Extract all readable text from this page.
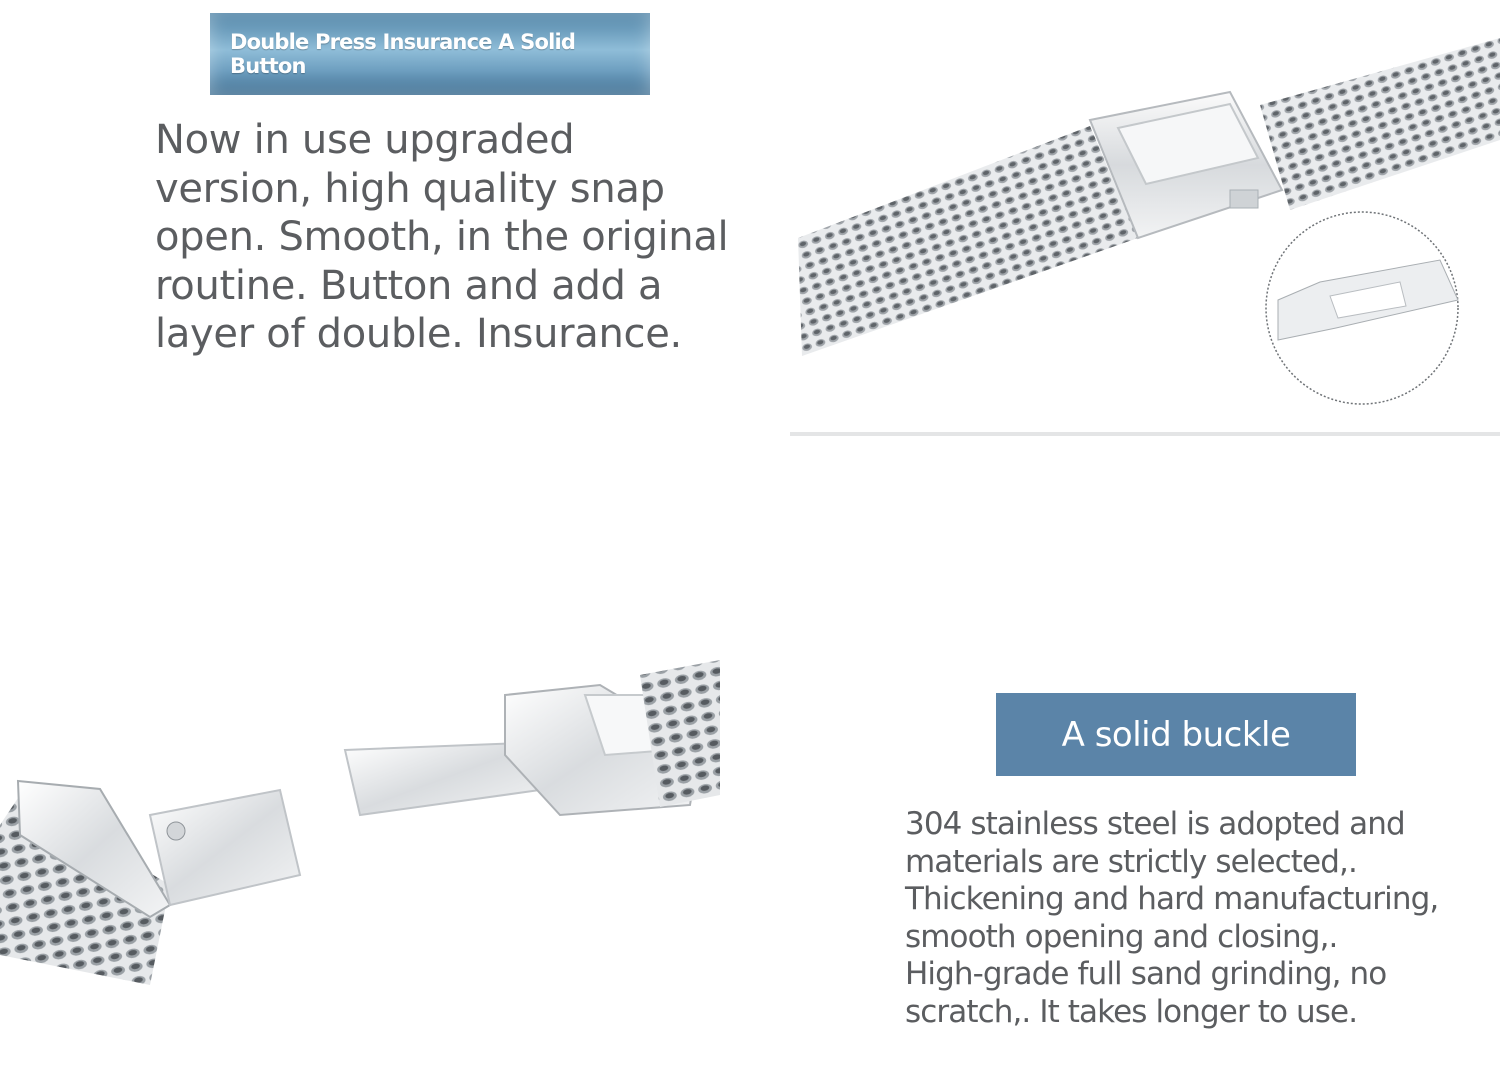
Double Press Insurance A Solid Button
Now in use upgraded
version, high quality snap
open. Smooth, in the original
routine. Button and add a
layer of double. Insurance.
A solid buckle
304 stainless steel is adopted and
materials are strictly selected,.
Thickening and hard manufacturing,
smooth opening and closing,.
High-grade full sand grinding, no
scratch,. It takes longer to use.
